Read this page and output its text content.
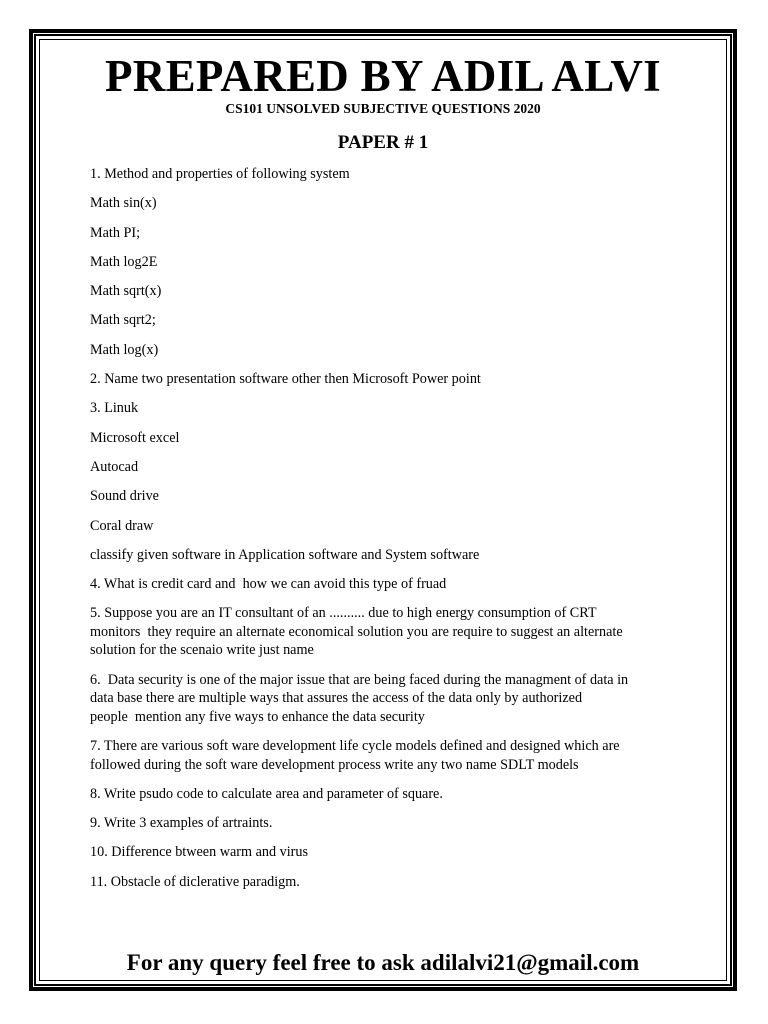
PREPARED BY ADIL ALVI
CS101 UNSOLVED SUBJECTIVE QUESTIONS 2020
PAPER # 1
1. Method and properties of following system
Math sin(x)
Math PI;
Math log2E
Math sqrt(x)
Math sqrt2;
Math log(x)
2. Name two presentation software other then Microsoft Power point
3. Linuk
Microsoft excel
Autocad
Sound drive
Coral draw
classify given software in Application software and System software
4. What is credit card and  how we can avoid this type of fruad
5. Suppose you are an IT consultant of an .......... due to high energy consumption of CRT
monitors  they require an alternate economical solution you are require to suggest an alternate
solution for the scenaio write just name
6.  Data security is one of the major issue that are being faced during the managment of data in
data base there are multiple ways that assures the access of the data only by authorized
people  mention any five ways to enhance the data security
7. There are various soft ware development life cycle models defined and designed which are
followed during the soft ware development process write any two name SDLT models
8. Write psudo code to calculate area and parameter of square.
9. Write 3 examples of artraints.
10. Difference btween warm and virus
11. Obstacle of diclerative paradigm.
For any query feel free to ask adilalvi21@gmail.com
